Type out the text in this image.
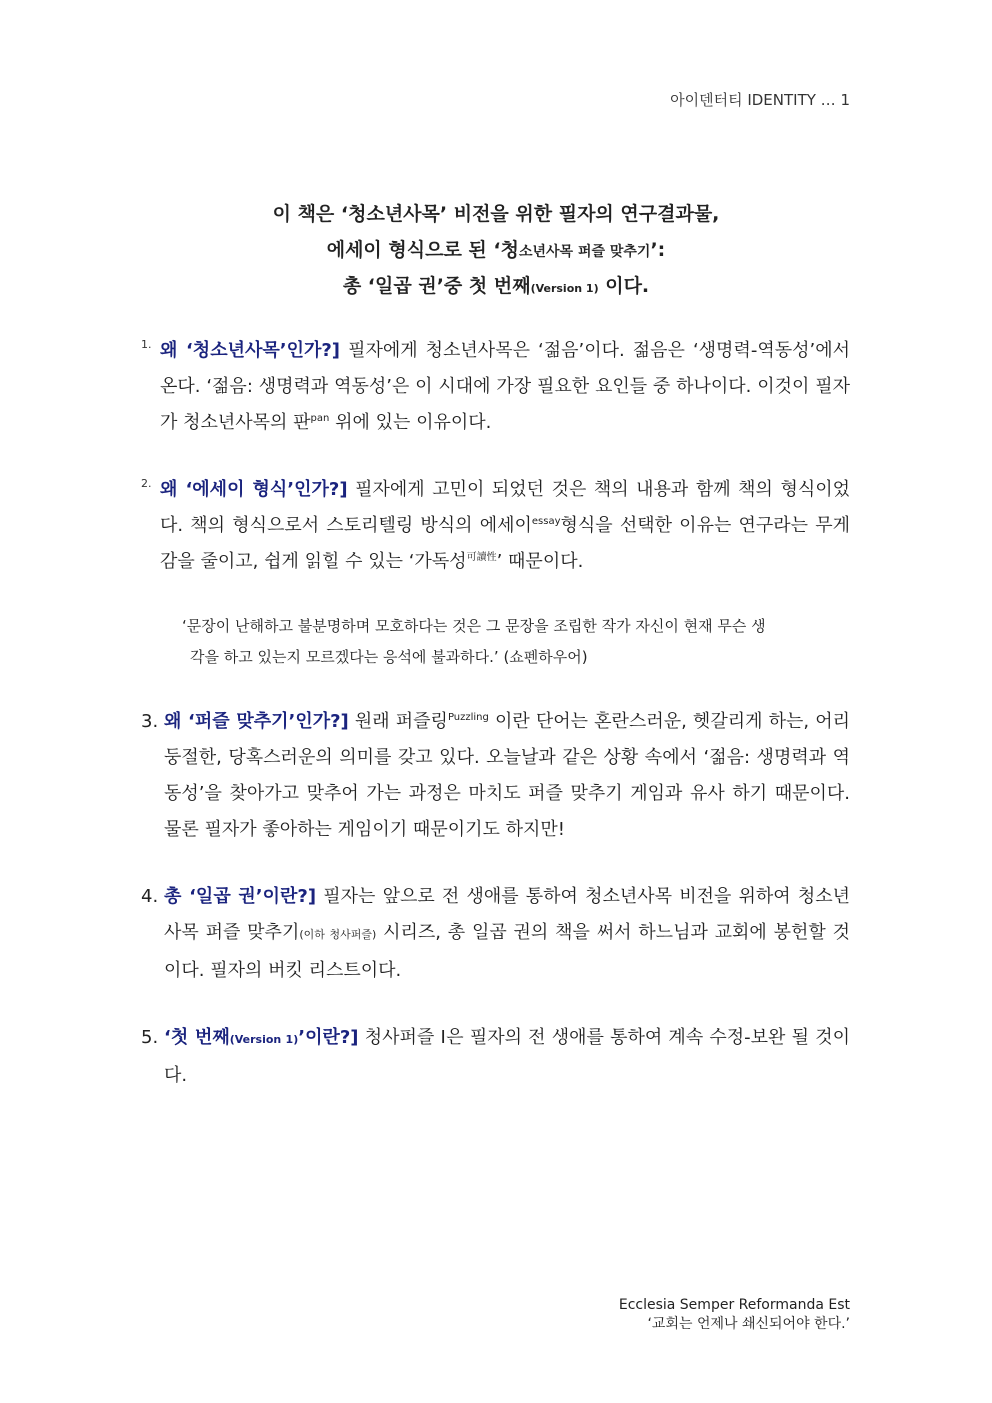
아이덴터티 IDENTITY … 1
이 책은 ‘청소년사목’ 비전을 위한 필자의 연구결과물,
에세이 형식으로 된 ‘청소년사목 퍼즐 맞추기’:
총 ‘일곱 권’중 첫 번째(Version 1) 이다.
1. 왜 ‘청소년사목’인가?] 필자에게 청소년사목은 ‘젊음’이다. 젊음은 ‘생명력-역동성’에서 온다. ‘젊음: 생명력과 역동성’은 이 시대에 가장 필요한 요인들 중 하나이다. 이것이 필자가 청소년사목의 판$^{pan}$ 위에 있는 이유이다.
2. 왜 ‘에세이 형식’인가?] 필자에게 고민이 되었던 것은 책의 내용과 함께 책의 형식이었다. 책의 형식으로서 스토리텔링 방식의 에세이$^{essay}$형식을 선택한 이유는 연구라는 무게감을 줄이고, 쉽게 읽힐 수 있는 ‘가독성$^{可讀性}$’ 때문이다.
‘문장이 난해하고 불분명하며 모호하다는 것은 그 문장을 조립한 작가 자신이 현재 무슨 생
각을 하고 있는지 모르겠다는 응석에 불과하다.’ (쇼펜하우어)
3. 왜 ‘퍼즐 맞추기’인가?] 원래 퍼즐링$^{Puzzling}$ 이란 단어는 혼란스러운, 헷갈리게 하는, 어리둥절한, 당혹스러운의 의미를 갖고 있다. 오늘날과 같은 상황 속에서 ‘젊음: 생명력과 역동성’을 찾아가고 맞추어 가는 과정은 마치도 퍼즐 맞추기 게임과 유사 하기 때문이다. 물론 필자가 좋아하는 게임이기 때문이기도 하지만!
4. 총 ‘일곱 권’이란?] 필자는 앞으로 전 생애를 통하여 청소년사목 비전을 위하여 청소년사목 퍼즐 맞추기(이하 청사퍼즐) 시리즈, 총 일곱 권의 책을 써서 하느님과 교회에 봉헌할 것이다. 필자의 버킷 리스트이다.
5. ‘첫 번째(Version 1)’이란?] 청사퍼즐 Ⅰ은 필자의 전 생애를 통하여 계속 수정-보완 될 것이다.
Ecclesia Semper Reformanda Est
‘교회는 언제나 쇄신되어야 한다.’
